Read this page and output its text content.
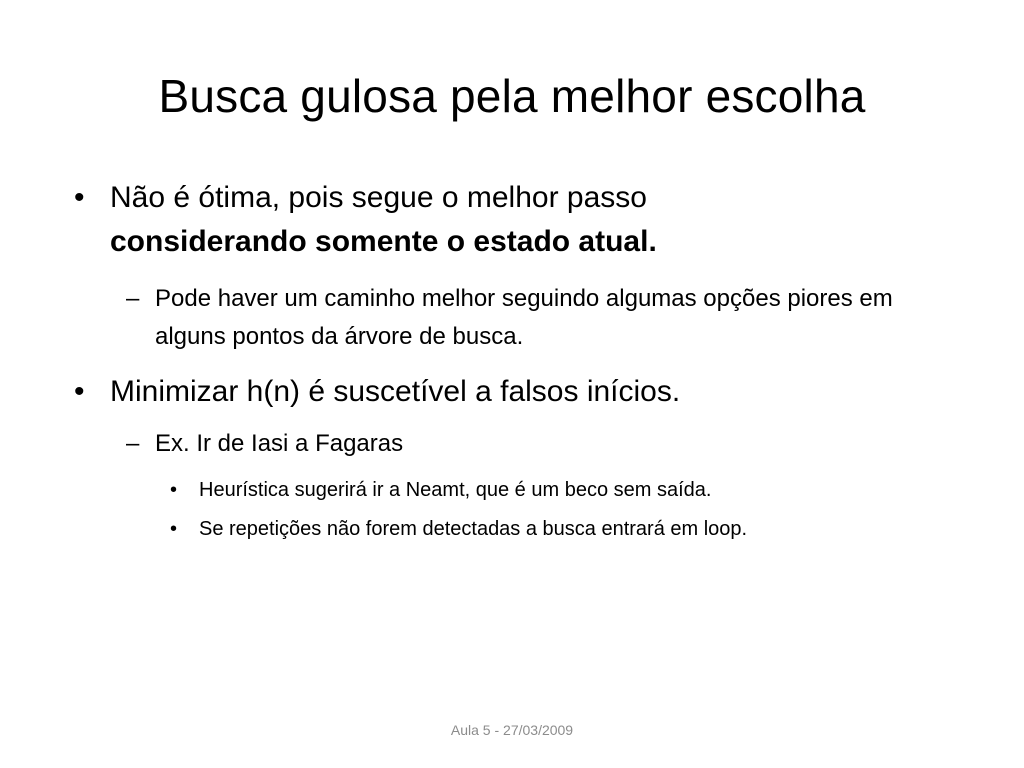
Busca gulosa pela melhor escolha
• Não é ótima, pois segue o melhor passo
considerando somente o estado atual.
– Pode haver um caminho melhor seguindo algumas opções piores em alguns pontos da árvore de busca.
• Minimizar h(n) é suscetível a falsos inícios.
– Ex. Ir de Iasi a Fagaras
•	Heurística sugerirá ir a Neamt, que é um beco sem saída.
•	Se repetições não forem detectadas a busca entrará em loop.
Aula 5 - 27/03/2009
